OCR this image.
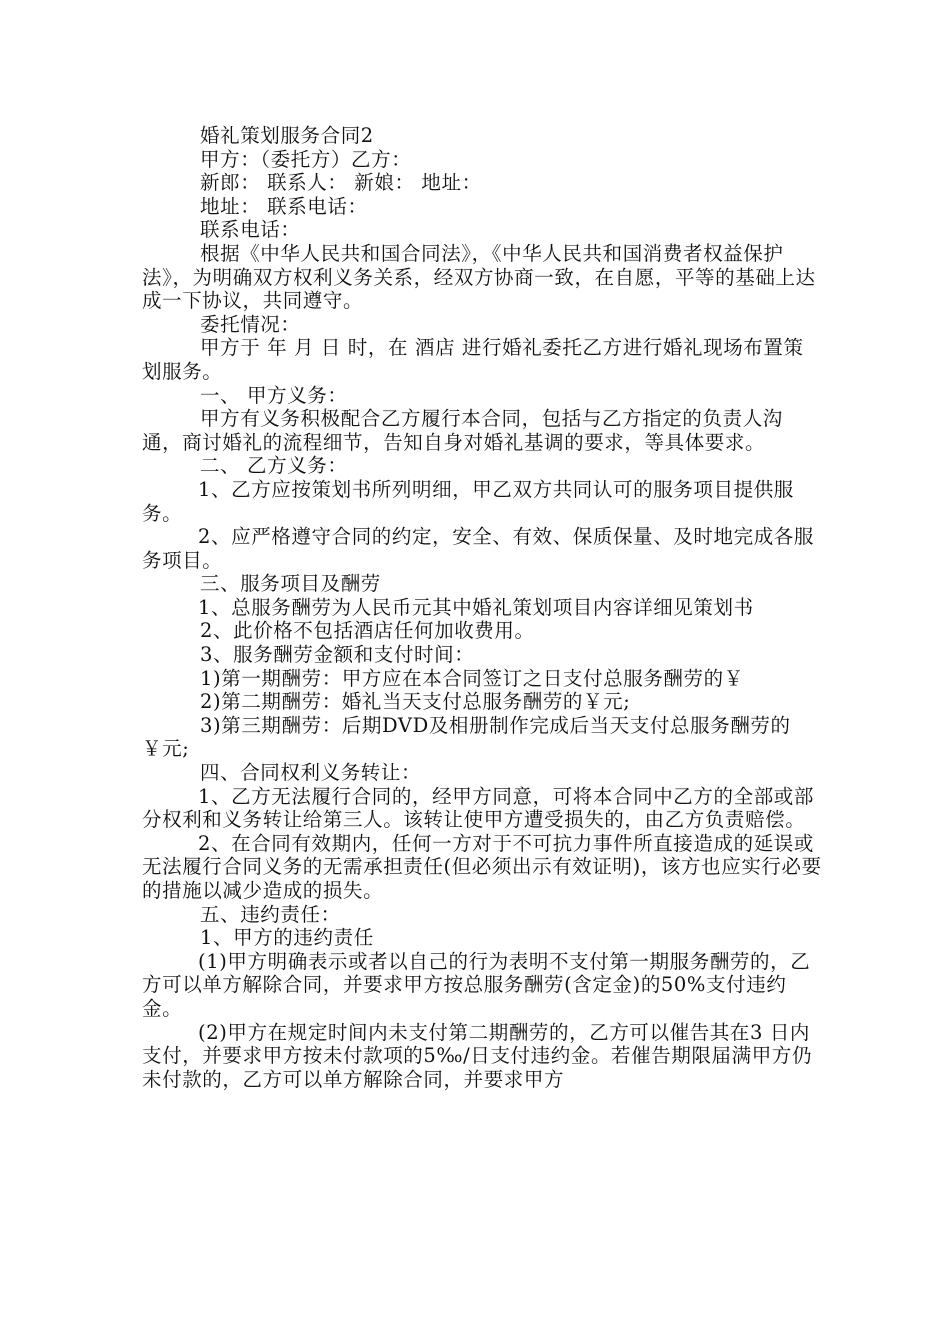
婚礼策划服务合同2

甲方：（委托方）乙方：

新郎： 联系人： 新娘： 地址：

地址： 联系电话：

联系电话：

根据《中华人民共和国合同法》，《中华人民共和国消费者权益保护法》，为明确双方权利义务关系，经双方协商一致，在自愿，平等的基础上达成一下协议，共同遵守。

委托情况：

甲方于 年 月 日 时，在 酒店 进行婚礼委托乙方进行婚礼现场布置策划服务。

一、 甲方义务：

甲方有义务积极配合乙方履行本合同，包括与乙方指定的负责人沟通，商讨婚礼的流程细节，告知自身对婚礼基调的要求，等具体要求。

二、 乙方义务：

1、乙方应按策划书所列明细，甲乙双方共同认可的服务项目提供服务。

2、应严格遵守合同的约定，安全、有效、保质保量、及时地完成各服务项目。

三、服务项目及酬劳

1、总服务酬劳为人民币元其中婚礼策划项目内容详细见策划书

2、此价格不包括酒店任何加收费用。

3、服务酬劳金额和支付时间：

1)第一期酬劳：甲方应在本合同签订之日支付总服务酬劳的￥

2)第二期酬劳：婚礼当天支付总服务酬劳的￥元;

3)第三期酬劳：后期DVD及相册制作完成后当天支付总服务酬劳的￥元;

四、合同权利义务转让：

1、乙方无法履行合同的，经甲方同意，可将本合同中乙方的全部或部分权利和义务转让给第三人。该转让使甲方遭受损失的，由乙方负责赔偿。

2、在合同有效期内，任何一方对于不可抗力事件所直接造成的延误或无法履行合同义务的无需承担责任(但必须出示有效证明)，该方也应实行必要的措施以减少造成的损失。

五、违约责任：

1、甲方的违约责任

(1)甲方明确表示或者以自己的行为表明不支付第一期服务酬劳的，乙方可以单方解除合同，并要求甲方按总服务酬劳(含定金)的50%支付违约金。

(2)甲方在规定时间内未支付第二期酬劳的，乙方可以催告其在3 日内支付，并要求甲方按未付款项的5‰/日支付违约金。若催告期限届满甲方仍未付款的，乙方可以单方解除合同，并要求甲方
